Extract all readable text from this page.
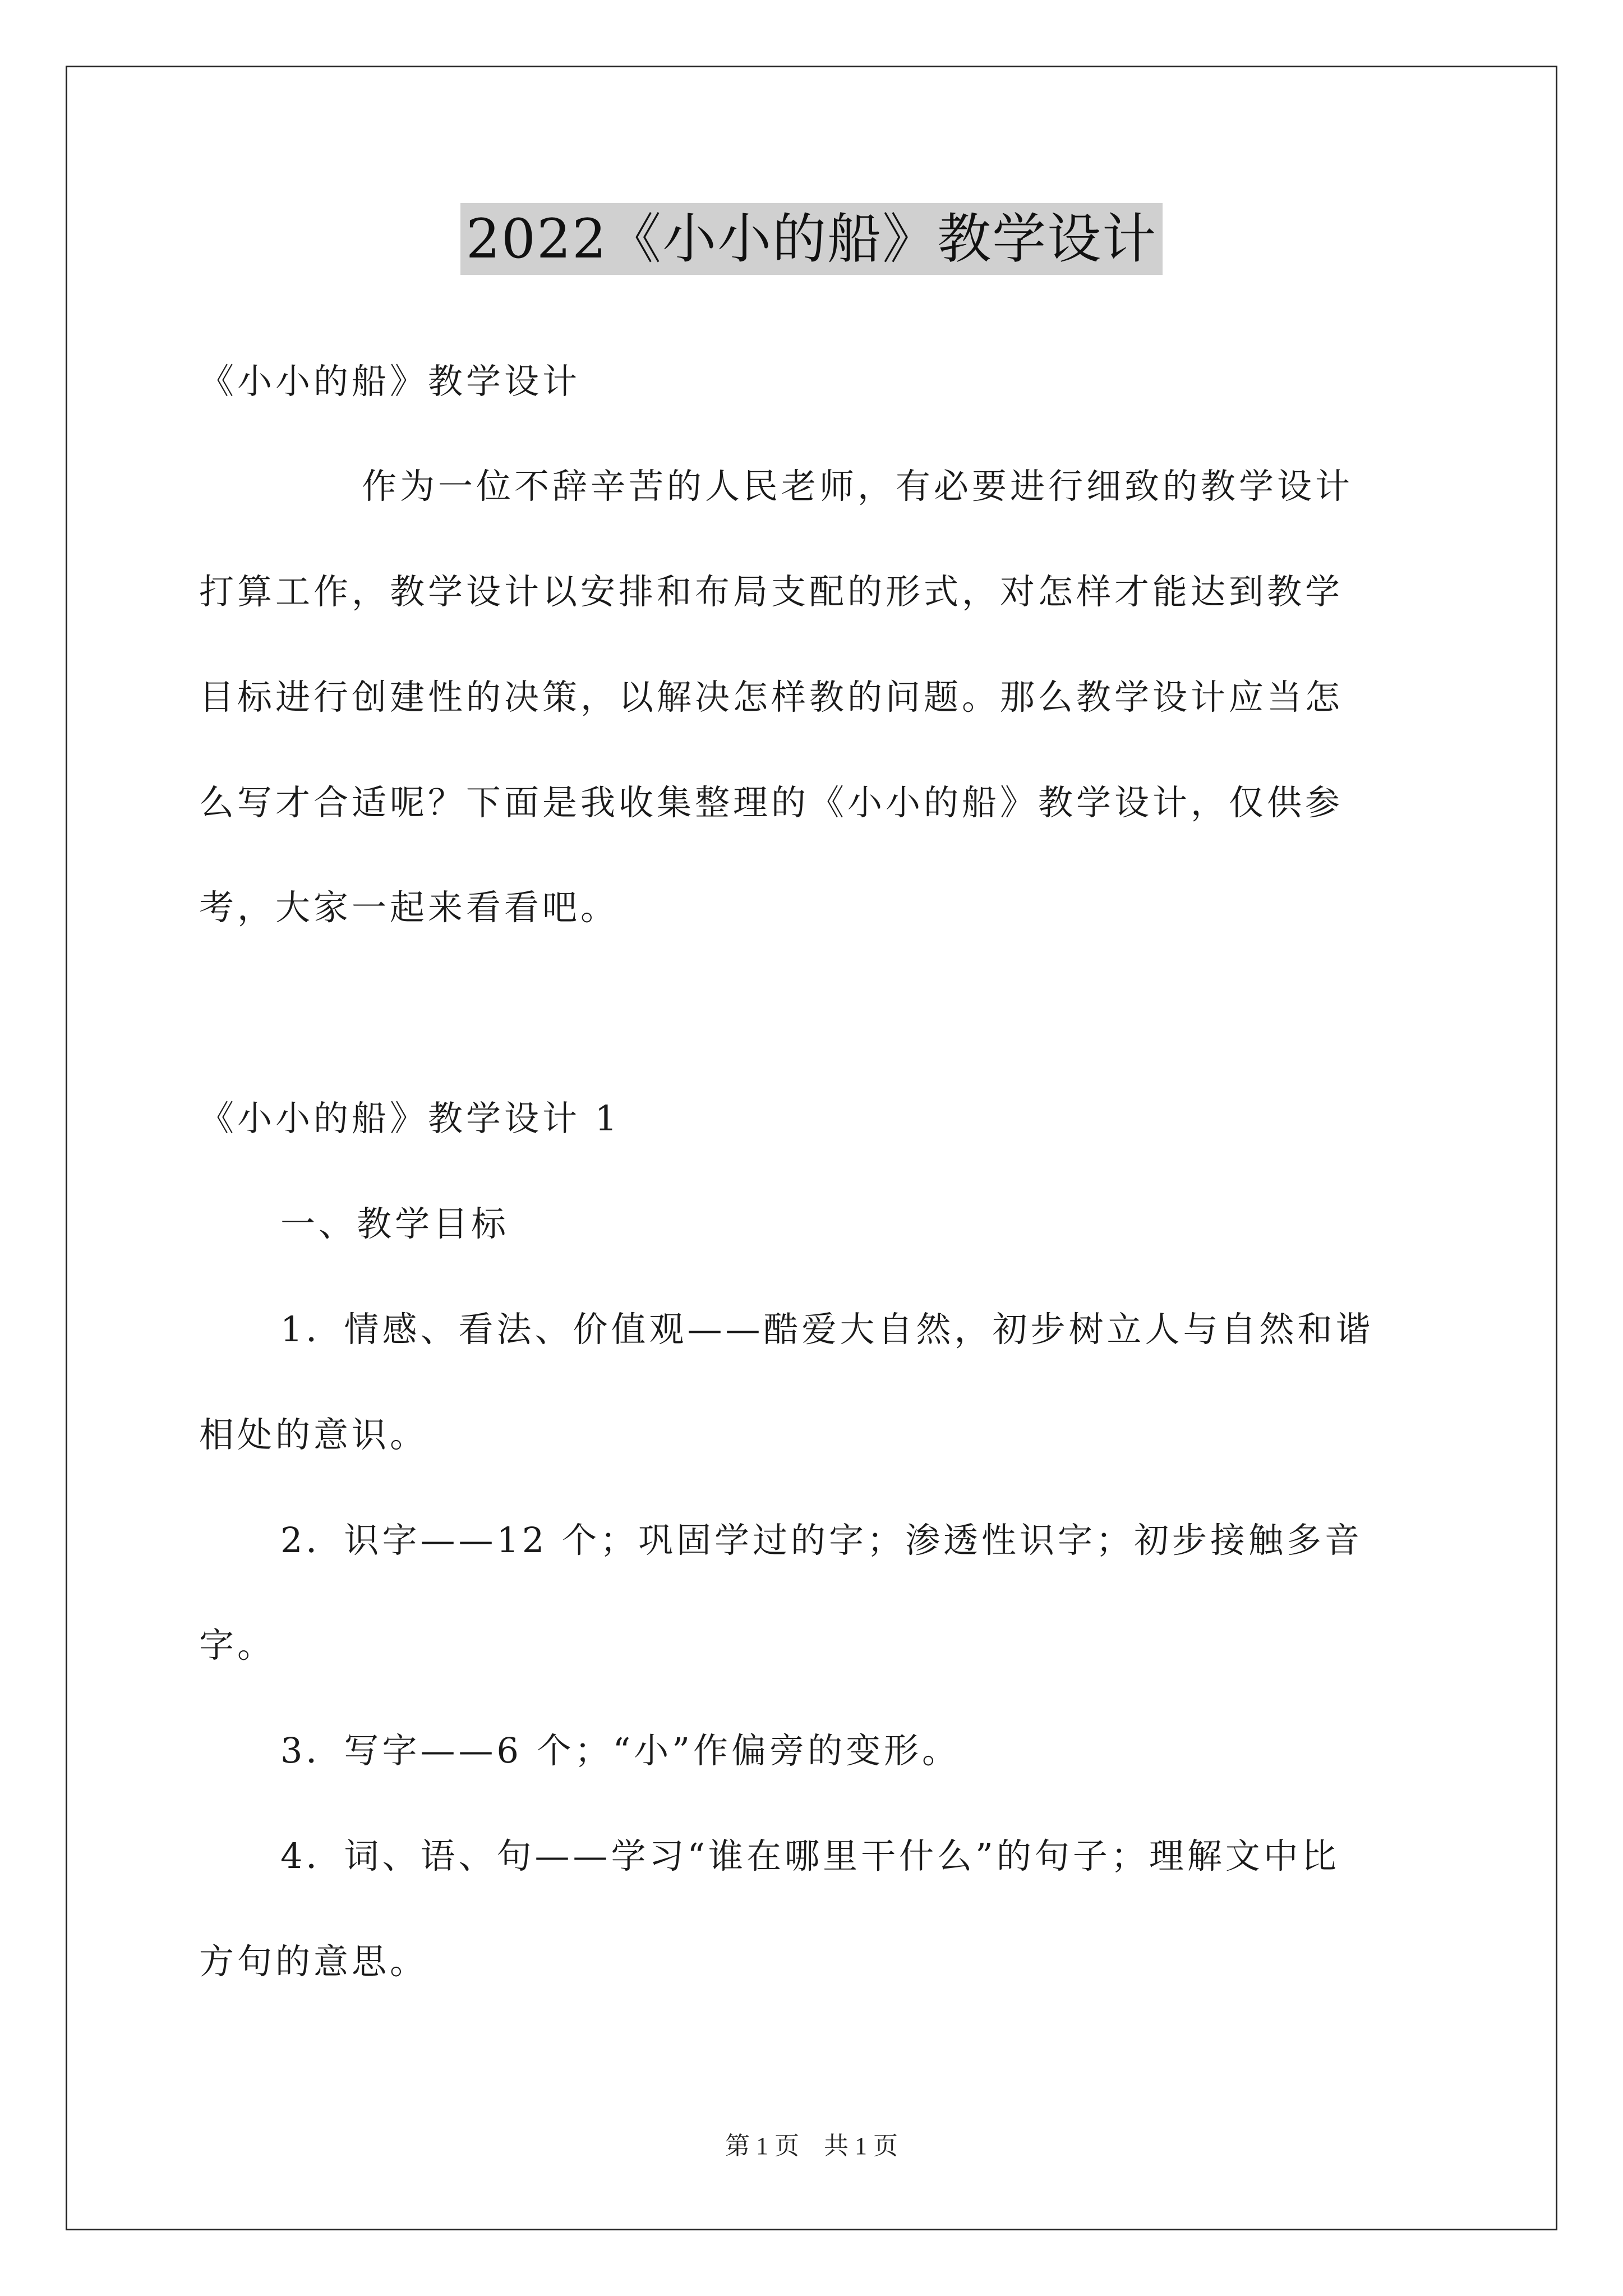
2022《小小的船》教学设计
《小小的船》教学设计
作为一位不辞辛苦的人民老师，有必要进行细致的教学设计
打算工作，教学设计以安排和布局支配的形式，对怎样才能达到教学
目标进行创建性的决策，以解决怎样教的问题。那么教学设计应当怎
么写才合适呢？下面是我收集整理的《小小的船》教学设计，仅供参
考，大家一起来看看吧。
《小小的船》教学设计 1
一、教学目标
1．情感、看法、价值观——酷爱大自然，初步树立人与自然和谐
相处的意识。
2．识字——12 个；巩固学过的字；渗透性识字；初步接触多音
字。
3．写字——6 个；“小”作偏旁的变形。
4．词、语、句——学习“谁在哪里干什么”的句子；理解文中比
方句的意思。
第 1 页　共 1 页
